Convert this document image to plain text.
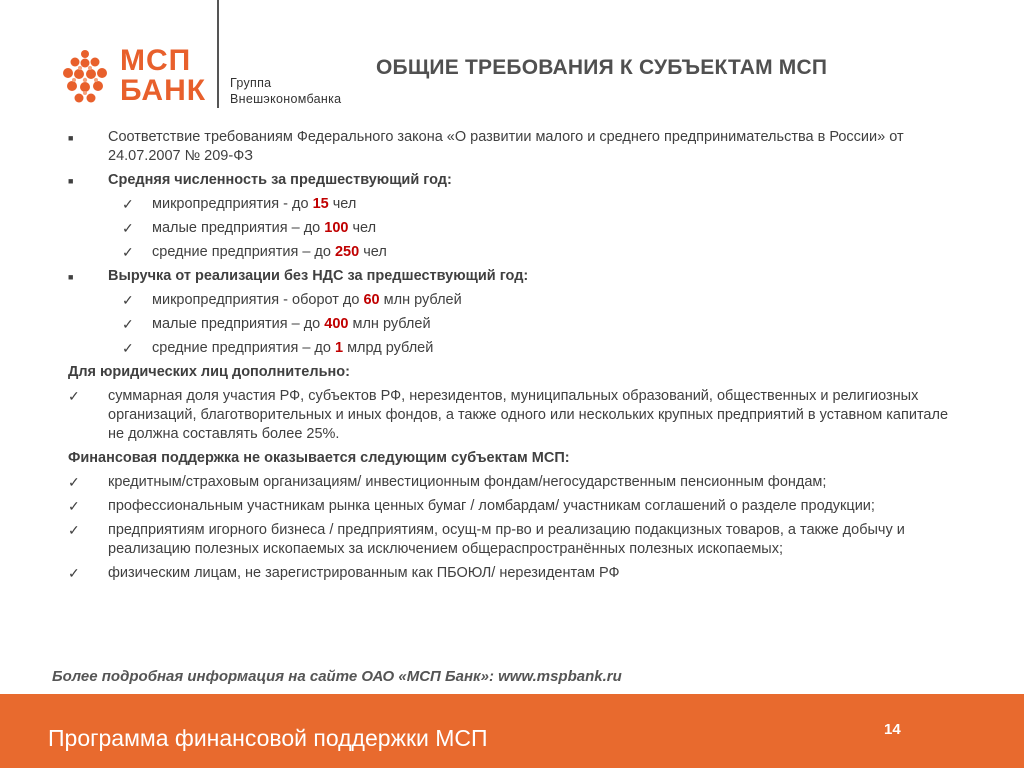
МСП
БАНК Группа
Внешэкономбанка
ОБЩИЕ ТРЕБОВАНИЯ К СУБЪЕКТАМ МСП
■ Соответствие требованиям Федерального закона «О развитии малого и среднего предпринимательства в России» от 24.07.2007 № 209-ФЗ
■ Средняя численность за предшествующий год:
✓ микропредприятия - до 15 чел
✓ малые предприятия – до 100 чел
✓ средние предприятия – до 250 чел
■ Выручка от реализации без НДС за предшествующий год:
✓ микропредприятия - оборот до 60 млн рублей
✓ малые предприятия – до 400 млн рублей
✓ средние предприятия – до 1 млрд рублей
Для юридических лиц дополнительно:
✓ суммарная доля участия РФ, субъектов РФ, нерезидентов, муниципальных образований, общественных и религиозных организаций, благотворительных и иных фондов, а также одного или нескольких крупных предприятий в уставном капитале не должна составлять более 25%.
Финансовая поддержка не оказывается следующим субъектам МСП:
✓ кредитным/страховым организациям/ инвестиционным фондам/негосударственным пенсионным фондам;
✓ профессиональным участникам рынка ценных бумаг / ломбардам/ участникам соглашений о разделе продукции;
✓ предприятиям игорного бизнеса / предприятиям, осущ-м пр-во и реализацию подакцизных товаров, а также добычу и реализацию полезных ископаемых за исключением общераспространённых полезных ископаемых;
✓ физическим лицам, не зарегистрированным как ПБОЮЛ/ нерезидентам РФ
Более подробная информация на сайте ОАО «МСП Банк»: www.mspbank.ru
Программа финансовой поддержки МСП	14
